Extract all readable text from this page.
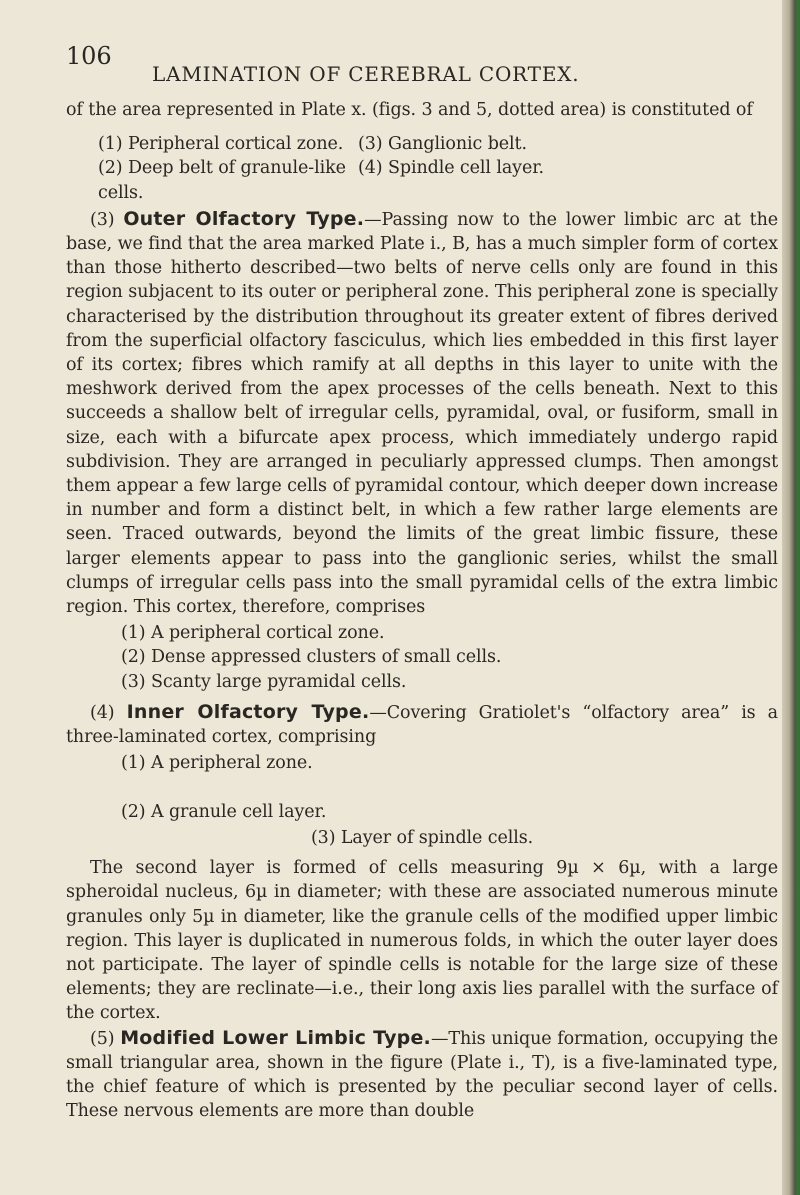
106
LAMINATION OF CEREBRAL CORTEX.

of the area represented in Plate x. (figs. 3 and 5, dotted area) is constituted of

(1) Peripheral cortical zone. (3) Ganglionic belt.
(2) Deep belt of granule-like cells.
(4) Spindle cell layer.

(3) Outer Olfactory Type.—Passing now to the lower limbic arc at the base, we find that the area marked Plate i., B, has a much simpler form of cortex than those hitherto described—two belts of nerve cells only are found in this region subjacent to its outer or peripheral zone. This peripheral zone is specially characterised by the distribution throughout its greater extent of fibres derived from the superficial olfactory fasciculus, which lies embedded in this first layer of its cortex; fibres which ramify at all depths in this layer to unite with the meshwork derived from the apex processes of the cells beneath. Next to this succeeds a shallow belt of irregular cells, pyramidal, oval, or fusiform, small in size, each with a bifurcate apex process, which immediately undergo rapid subdivision. They are arranged in peculiarly appressed clumps. Then amongst them appear a few large cells of pyramidal contour, which deeper down increase in number and form a distinct belt, in which a few rather large elements are seen. Traced outwards, beyond the limits of the great limbic fissure, these larger elements appear to pass into the ganglionic series, whilst the small clumps of irregular cells pass into the small pyramidal cells of the extra limbic region. This cortex, therefore, comprises

(1) A peripheral cortical zone.
(2) Dense appressed clusters of small cells.
(3) Scanty large pyramidal cells.

(4) Inner Olfactory Type.—Covering Gratiolet's “olfactory area” is a three-laminated cortex, comprising

(1) A peripheral zone.

(2) A granule cell layer.
(3) Layer of spindle cells.

The second layer is formed of cells measuring 9µ × 6µ, with a large spheroidal nucleus, 6µ in diameter; with these are associated numerous minute granules only 5µ in diameter, like the granule cells of the modified upper limbic region. This layer is duplicated in numerous folds, in which the outer layer does not participate. The layer of spindle cells is notable for the large size of these elements; they are reclinate—i.e., their long axis lies parallel with the surface of the cortex.

(5) Modified Lower Limbic Type.—This unique formation, occupying the small triangular area, shown in the figure (Plate i., T), is a five-laminated type, the chief feature of which is presented by the peculiar second layer of cells. These nervous elements are more than double
